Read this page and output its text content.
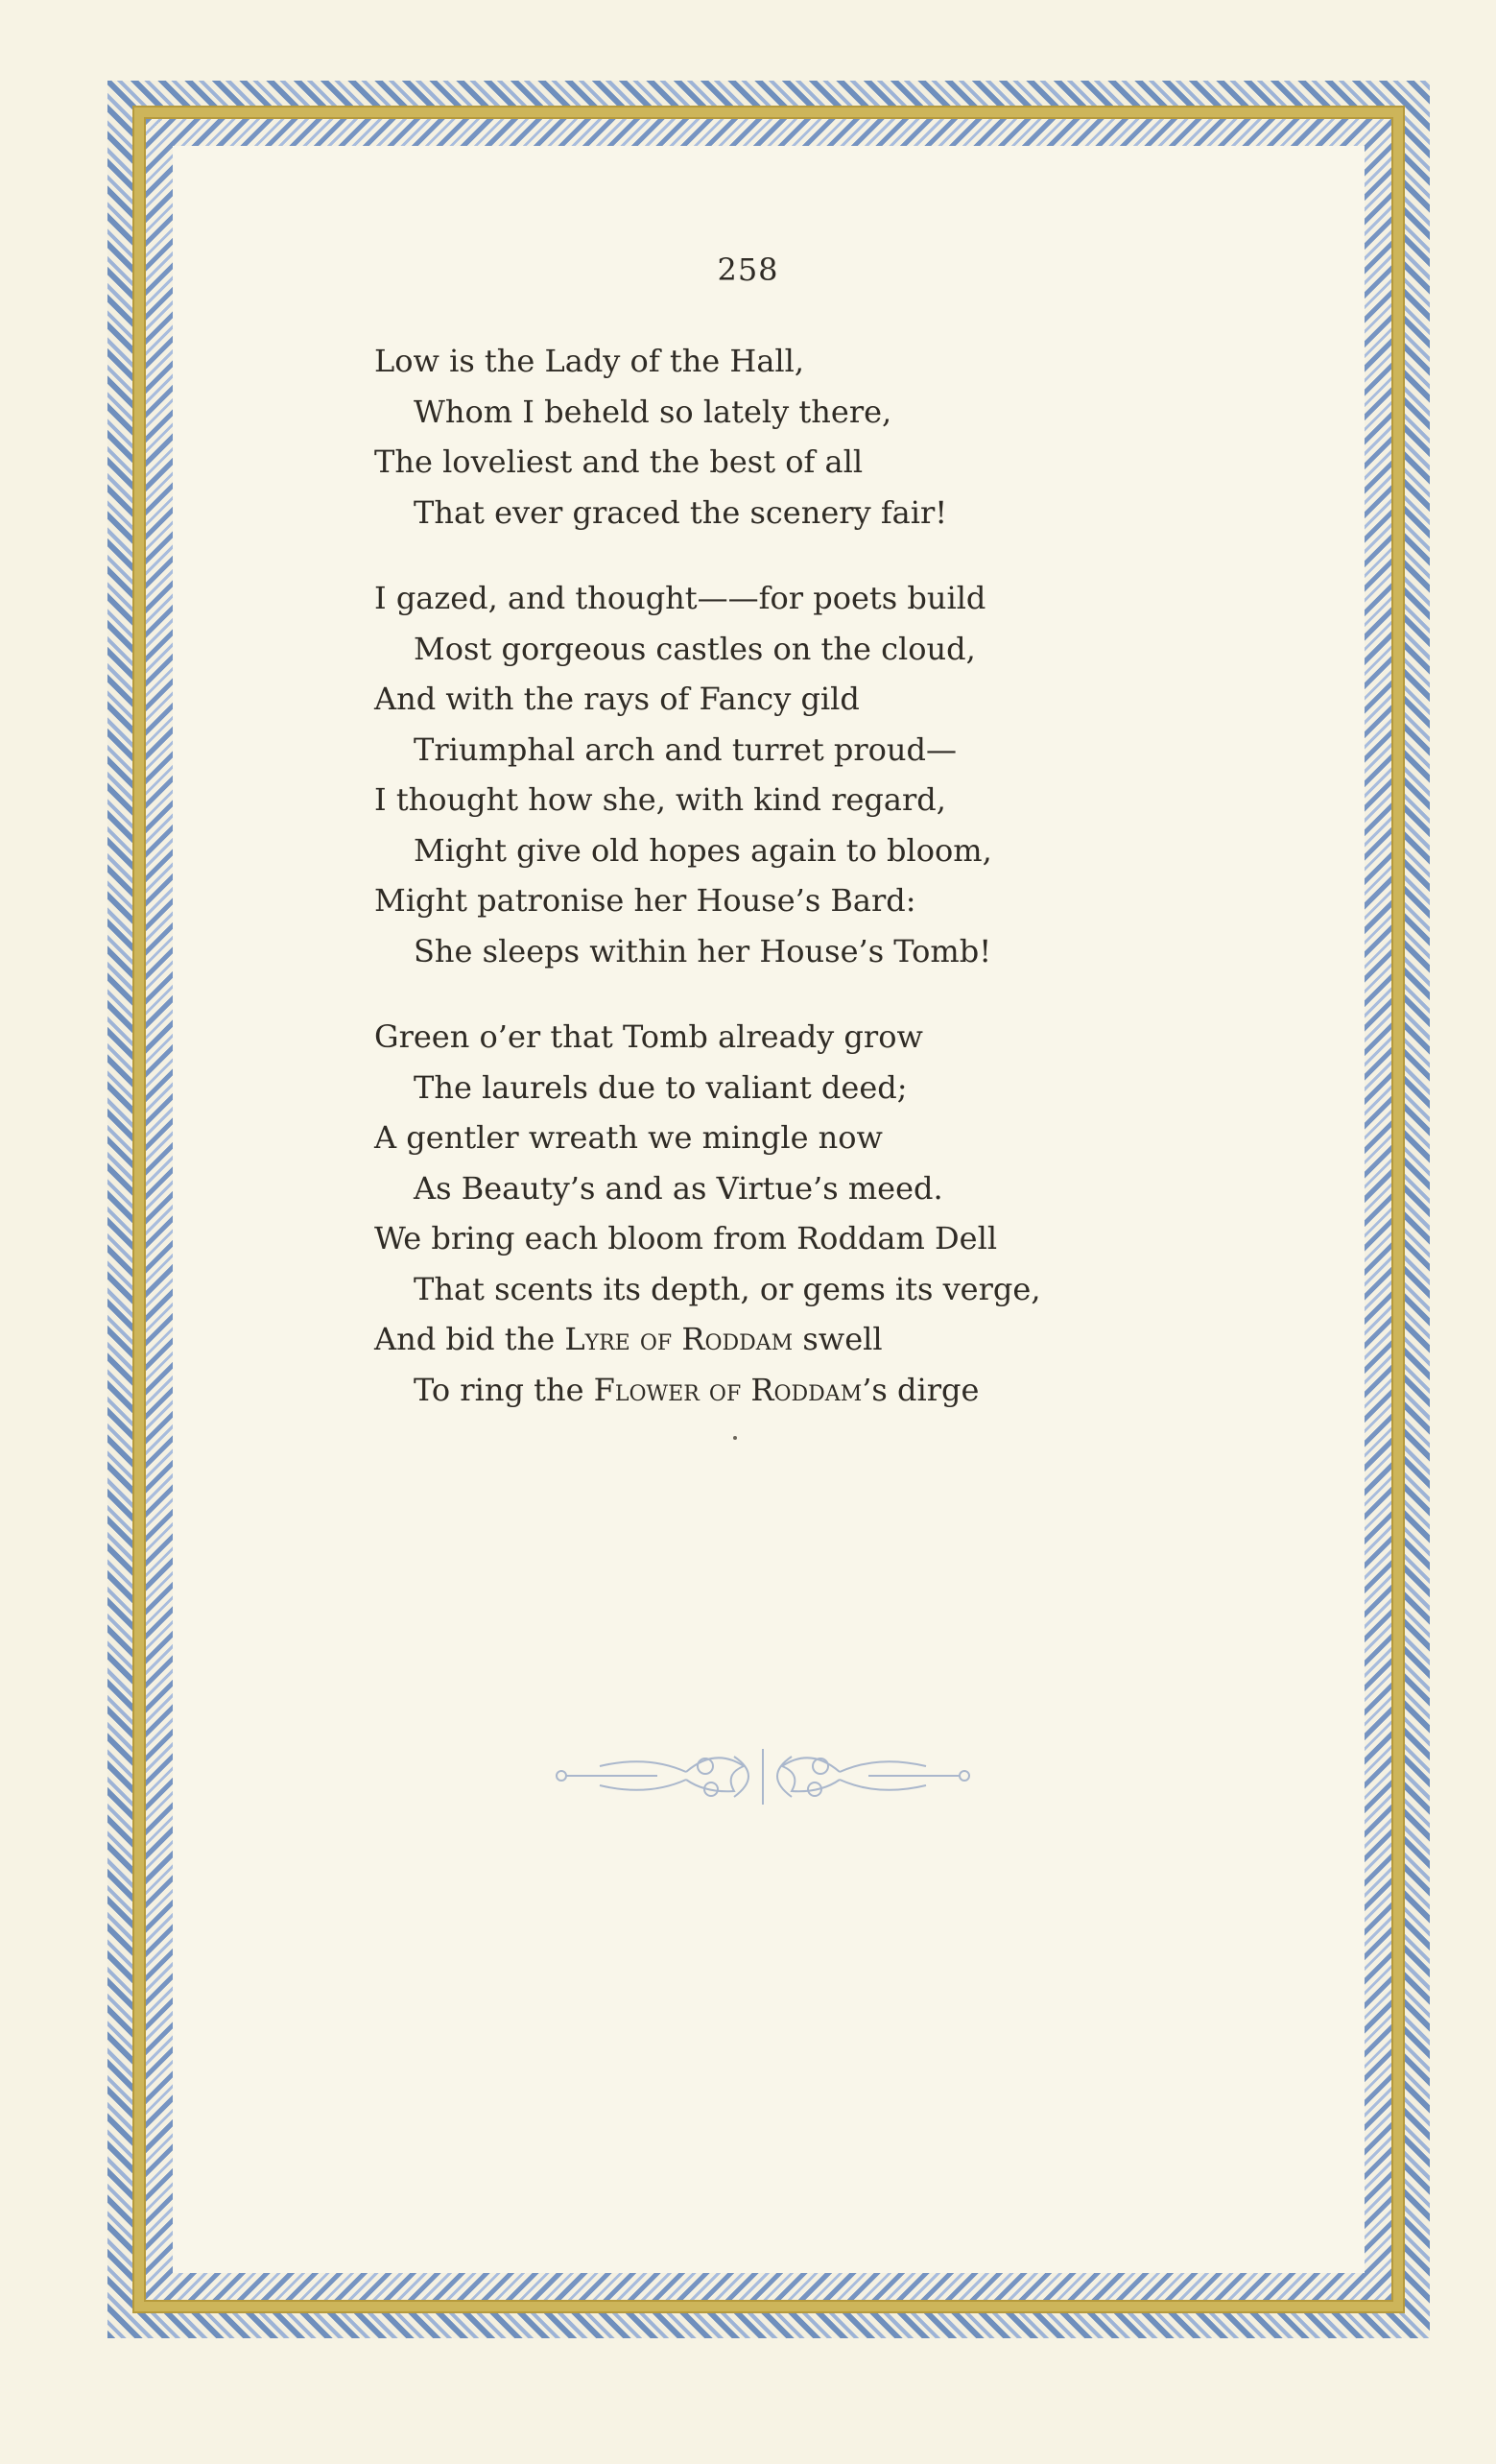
258
Low is the Lady of the Hall,
Whom I beheld so lately there,
The loveliest and the best of all
That ever graced the scenery fair!
I gazed, and thought——for poets build
Most gorgeous castles on the cloud,
And with the rays of Fancy gild
Triumphal arch and turret proud—
I thought how she, with kind regard,
Might give old hopes again to bloom,
Might patronise her House’s Bard:
She sleeps within her House’s Tomb!
Green o’er that Tomb already grow
The laurels due to valiant deed;
A gentler wreath we mingle now
As Beauty’s and as Virtue’s meed.
We bring each bloom from Roddam Dell
That scents its depth, or gems its verge,
And bid the Lyre of Roddam swell
To ring the Flower of Roddam’s dirge
